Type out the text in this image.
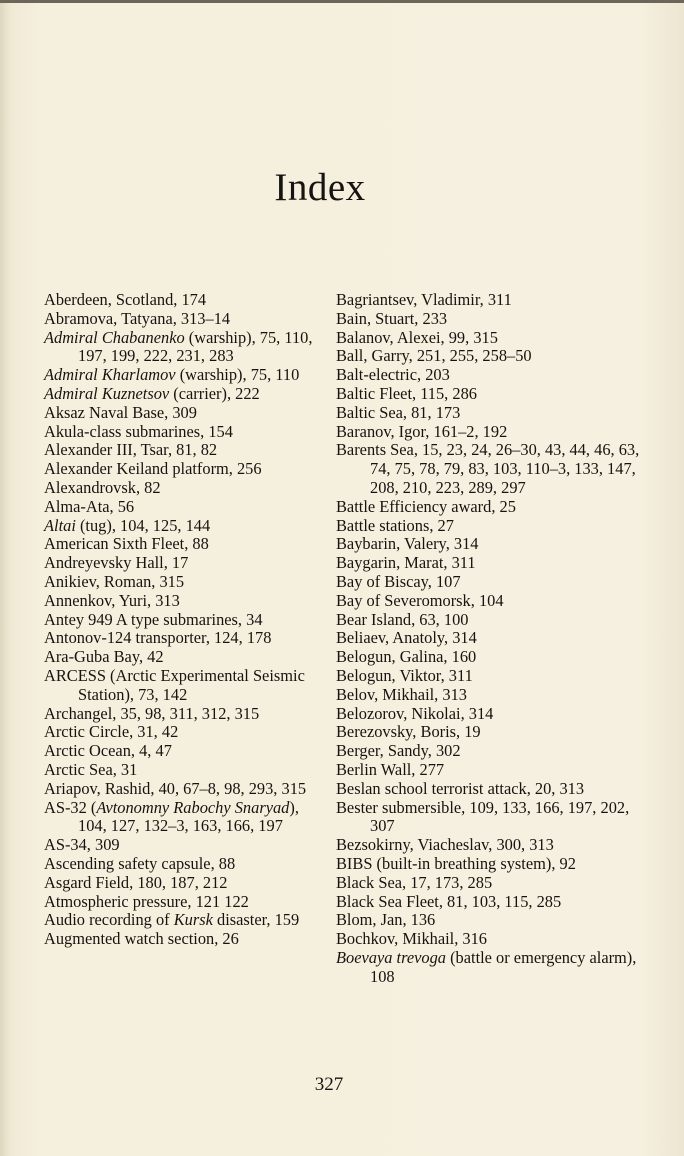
Index
Aberdeen, Scotland, 174
Abramova, Tatyana, 313–14
Admiral Chabanenko (warship), 75, 110, 197, 199, 222, 231, 283
Admiral Kharlamov (warship), 75, 110
Admiral Kuznetsov (carrier), 222
Aksaz Naval Base, 309
Akula-class submarines, 154
Alexander III, Tsar, 81, 82
Alexander Keiland platform, 256
Alexandrovsk, 82
Alma-Ata, 56
Altai (tug), 104, 125, 144
American Sixth Fleet, 88
Andreyevsky Hall, 17
Anikiev, Roman, 315
Annenkov, Yuri, 313
Antey 949 A type submarines, 34
Antonov-124 transporter, 124, 178
Ara-Guba Bay, 42
ARCESS (Arctic Experimental Seismic Station), 73, 142
Archangel, 35, 98, 311, 312, 315
Arctic Circle, 31, 42
Arctic Ocean, 4, 47
Arctic Sea, 31
Ariapov, Rashid, 40, 67–8, 98, 293, 315
AS-32 (Avtonomny Rabochy Snaryad), 104, 127, 132–3, 163, 166, 197
AS-34, 309
Ascending safety capsule, 88
Asgard Field, 180, 187, 212
Atmospheric pressure, 121 122
Audio recording of Kursk disaster, 159
Augmented watch section, 26
Bagriantsev, Vladimir, 311
Bain, Stuart, 233
Balanov, Alexei, 99, 315
Ball, Garry, 251, 255, 258–50
Balt-electric, 203
Baltic Fleet, 115, 286
Baltic Sea, 81, 173
Baranov, Igor, 161–2, 192
Barents Sea, 15, 23, 24, 26–30, 43, 44, 46, 63, 74, 75, 78, 79, 83, 103, 110–3, 133, 147, 208, 210, 223, 289, 297
Battle Efficiency award, 25
Battle stations, 27
Baybarin, Valery, 314
Baygarin, Marat, 311
Bay of Biscay, 107
Bay of Severomorsk, 104
Bear Island, 63, 100
Beliaev, Anatoly, 314
Belogun, Galina, 160
Belogun, Viktor, 311
Belov, Mikhail, 313
Belozorov, Nikolai, 314
Berezovsky, Boris, 19
Berger, Sandy, 302
Berlin Wall, 277
Beslan school terrorist attack, 20, 313
Bester submersible, 109, 133, 166, 197, 202, 307
Bezsokirny, Viacheslav, 300, 313
BIBS (built-in breathing system), 92
Black Sea, 17, 173, 285
Black Sea Fleet, 81, 103, 115, 285
Blom, Jan, 136
Bochkov, Mikhail, 316
Boevaya trevoga (battle or emergency alarm), 108
327
